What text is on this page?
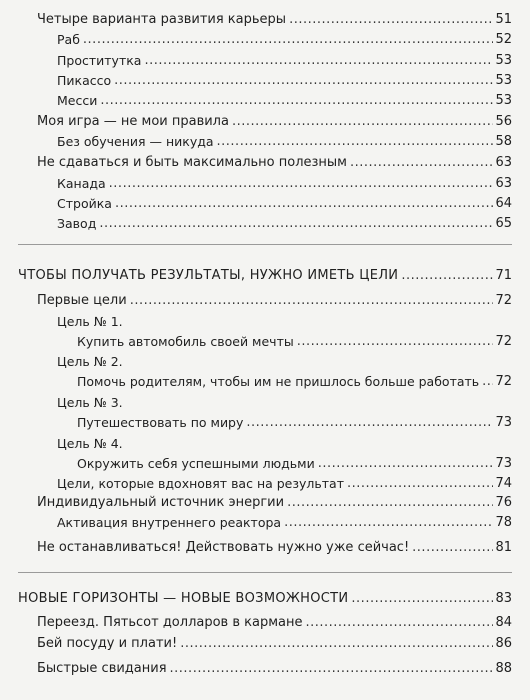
Четыре варианта развития карьеры .....	51
Раб .....	52
Проститутка .....	53
Пикассо .....	53
Месси .....	53
Моя игра — не мои правила .....	56
Без обучения — никуда .....	58
Не сдаваться и быть максимально полезным .....	63
Канада .....	63
Стройка .....	64
Завод .....	65
ЧТОБЫ ПОЛУЧАТЬ РЕЗУЛЬТАТЫ, НУЖНО ИМЕТЬ ЦЕЛИ .....	71
Первые цели .....	72
Цель № 1.
Купить автомобиль своей мечты .....	72
Цель № 2.
Помочь родителям, чтобы им не пришлось больше работать ..... 72
Цель № 3.
Путешествовать по миру .....	73
Цель № 4.
Окружить себя успешными людьми .....	73
Цели, которые вдохновят вас на результат .....	74
Индивидуальный источник энергии .....	76
Активация внутреннего реактора .....	78
Не останавливаться! Действовать нужно уже сейчас! .....	81
НОВЫЕ ГОРИЗОНТЫ — НОВЫЕ ВОЗМОЖНОСТИ .....	83
Переезд. Пятьсот долларов в кармане .....	84
Бей посуду и плати! .....	86
Быстрые свидания .....	88
